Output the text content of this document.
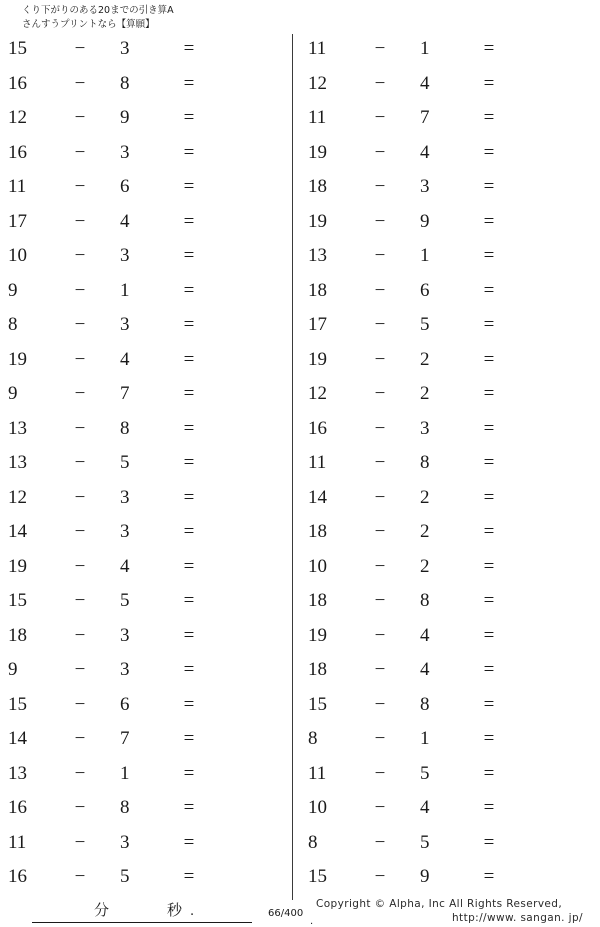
くり下がりのある20までの引き算A
さんすうプリントなら【算願】
15	− 3	=
16	− 8	=
12	− 9	=
16	− 3	=
11	− 6	=
17	− 4	=
10	− 3	=
9	− 1	=
8	− 3	=
19	− 4	=
9	− 7	=
13	− 8	=
13	− 5	=
12	− 3	=
14	− 3	=
19	− 4	=
15	− 5	=
18	− 3	=
9	− 3	=
15	− 6	=
14	− 7	=
13	− 1	=
16	− 8	=
11	− 3	=
16	− 5	=
11	− 1	=
12	− 4	=
11	− 7	=
19	− 4	=
18	− 3	=
19	− 9	=
13	− 1	=
18	− 6	=
17	− 5	=
19	− 2	=
12	− 2	=
16	− 3	=
11	− 8	=
14	− 2	=
18	− 2	=
10	− 2	=
18	− 8	=
19	− 4	=
18	− 4	=
15	− 8	=
8	− 1	=
11	− 5	=
10	− 4	=
8	− 5	=
15	− 9	=
分	秒 .	66/400
.
Copyright © Alpha, Inc All Rights Reserved,
http://www. sangan. jp/
